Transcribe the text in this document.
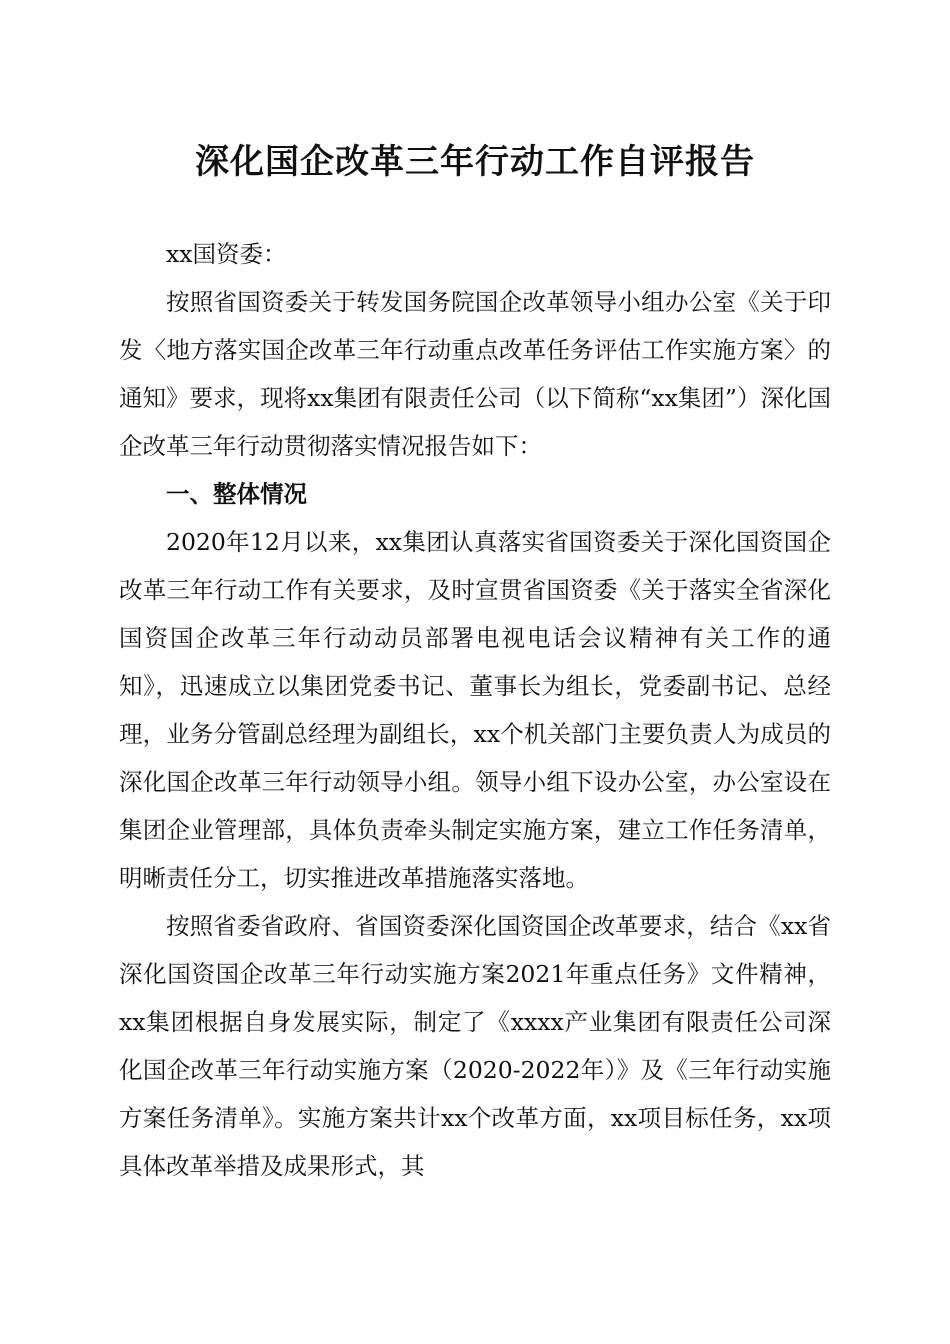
深化国企改革三年行动工作自评报告

xx国资委：

按照省国资委关于转发国务院国企改革领导小组办公室《关于印发〈地方落实国企改革三年行动重点改革任务评估工作实施方案〉的通知》要求，现将xx集团有限责任公司（以下简称“xx集团”）深化国企改革三年行动贯彻落实情况报告如下：

一、整体情况

2020年12月以来，xx集团认真落实省国资委关于深化国资国企改革三年行动工作有关要求，及时宣贯省国资委《关于落实全省深化国资国企改革三年行动动员部署电视电话会议精神有关工作的通知》，迅速成立以集团党委书记、董事长为组长，党委副书记、总经理，业务分管副总经理为副组长，xx个机关部门主要负责人为成员的深化国企改革三年行动领导小组。领导小组下设办公室，办公室设在集团企业管理部，具体负责牵头制定实施方案，建立工作任务清单，明晰责任分工，切实推进改革措施落实落地。

按照省委省政府、省国资委深化国资国企改革要求，结合《xx省深化国资国企改革三年行动实施方案2021年重点任务》文件精神，xx集团根据自身发展实际，制定了《xxxx产业集团有限责任公司深化国企改革三年行动实施方案（2020-2022年）》及《三年行动实施方案任务清单》。实施方案共计xx个改革方面，xx项目标任务，xx项具体改革举措及成果形式，其
